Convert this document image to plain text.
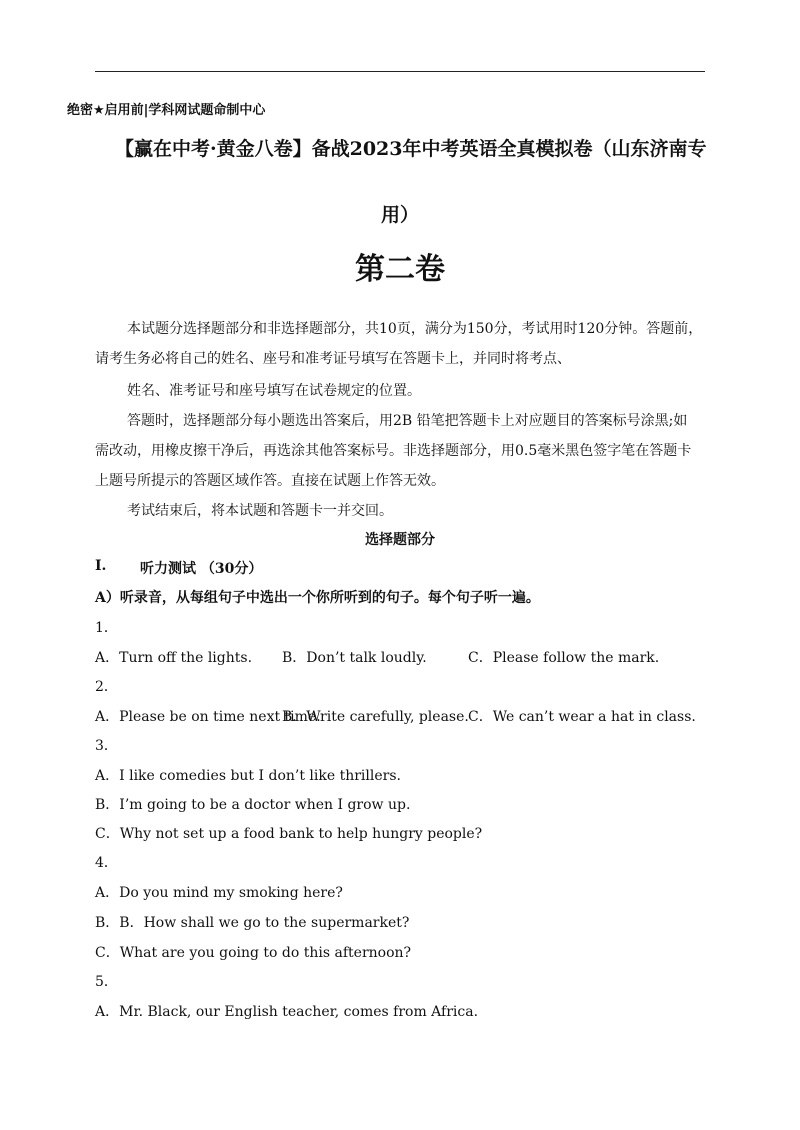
绝密★启用前|学科网试题命制中心
【赢在中考·黄金八卷】备战2023年中考英语全真模拟卷（山东济南专
用）
第二卷
本试题分选择题部分和非选择题部分，共10页，满分为150分，考试用时120分钟。答题前，
请考生务必将自己的姓名、座号和准考证号填写在答题卡上，并同时将考点、
姓名、准考证号和座号填写在试卷规定的位置。
答题时，选择题部分每小题选出答案后，用2B 铅笔把答题卡上对应题目的答案标号涂黑;如
需改动，用橡皮擦干净后，再选涂其他答案标号。非选择题部分，用0.5毫米黑色签字笔在答题卡
上题号所提示的答题区域作答。直接在试题上作答无效。
考试结束后，将本试题和答题卡一并交回。
选择题部分
I. 听力测试 （30分）
A）听录音，从每组句子中选出一个你所听到的句子。每个句子听一遍。
1．
A．Turn off the lights. B．Don’t talk loudly.	C．Please follow the mark.
2．
A．Please be on time next time.
B．Write carefully, please. C．We can’t wear a hat in class.
3．
A．I like comedies but I don’t like thrillers.
B．I’m going to be a doctor when I grow up.
C．Why not set up a food bank to help hungry people?
4．
A．Do you mind my smoking here?
B．B．How shall we go to the supermarket?
C．What are you going to do this afternoon?
5．
A．Mr. Black, our English teacher, comes from Africa.
